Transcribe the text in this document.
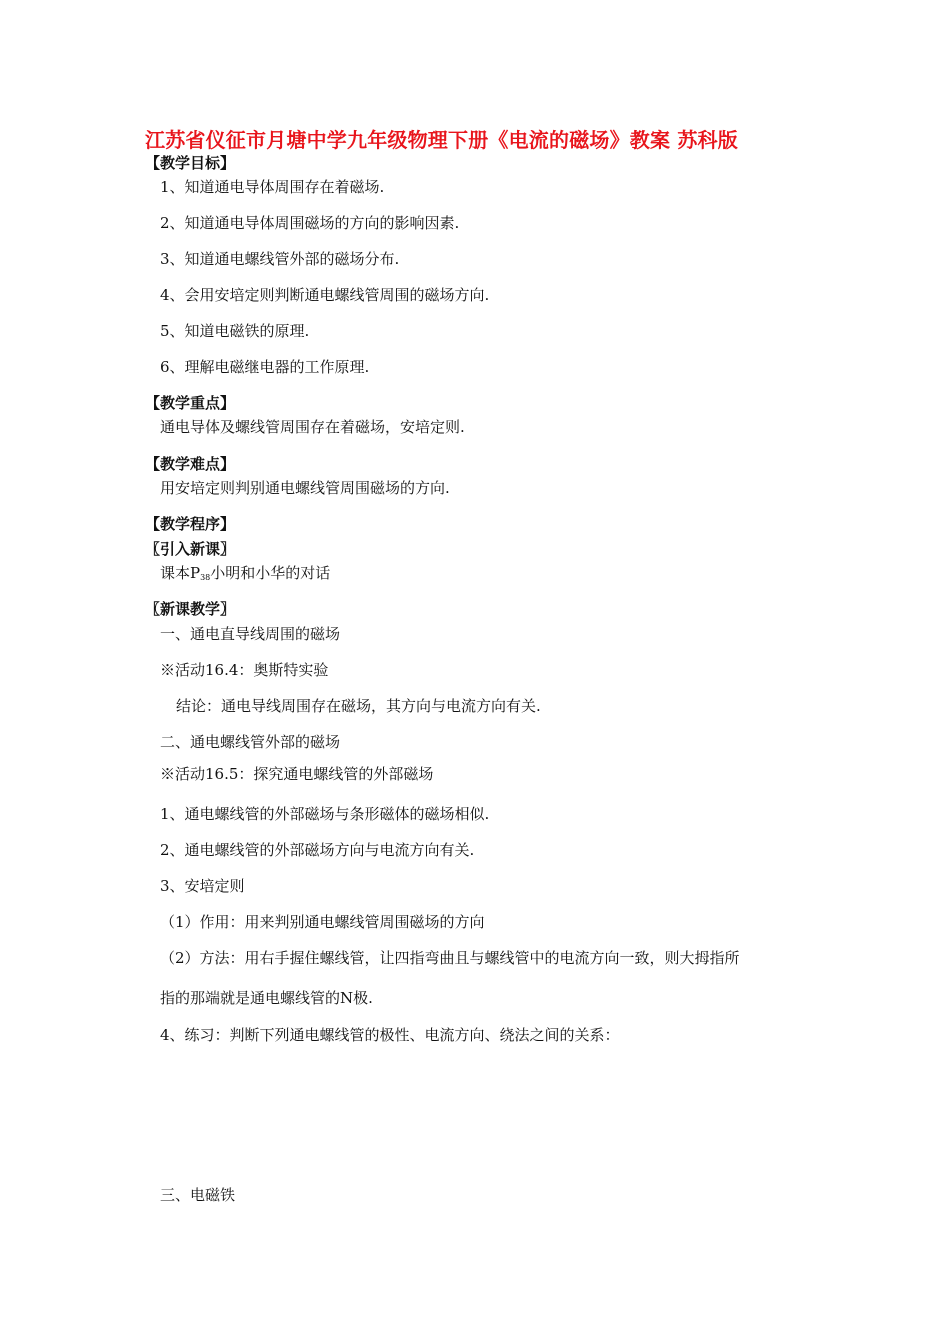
江苏省仪征市月塘中学九年级物理下册《电流的磁场》教案 苏科版
【教学目标】
1、知道通电导体周围存在着磁场.
2、知道通电导体周围磁场的方向的影响因素.
3、知道通电螺线管外部的磁场分布.
4、会用安培定则判断通电螺线管周围的磁场方向.
5、知道电磁铁的原理.
6、理解电磁继电器的工作原理.
【教学重点】
通电导体及螺线管周围存在着磁场，安培定则.
【教学难点】
用安培定则判别通电螺线管周围磁场的方向.
【教学程序】
〖引入新课〗
课本$P_{38}$小明和小华的对话
〖新课教学〗
一、通电直导线周围的磁场
※活动16.4：奥斯特实验
结论：通电导线周围存在磁场，其方向与电流方向有关.
二、通电螺线管外部的磁场
※活动16.5：探究通电螺线管的外部磁场
1、通电螺线管的外部磁场与条形磁体的磁场相似.
2、通电螺线管的外部磁场方向与电流方向有关.
3、安培定则
（1）作用：用来判别通电螺线管周围磁场的方向
（2）方法：用右手握住螺线管，让四指弯曲且与螺线管中的电流方向一致，则大拇指所
指的那端就是通电螺线管的N极.
4、练习：判断下列通电螺线管的极性、电流方向、绕法之间的关系：
三、电磁铁
